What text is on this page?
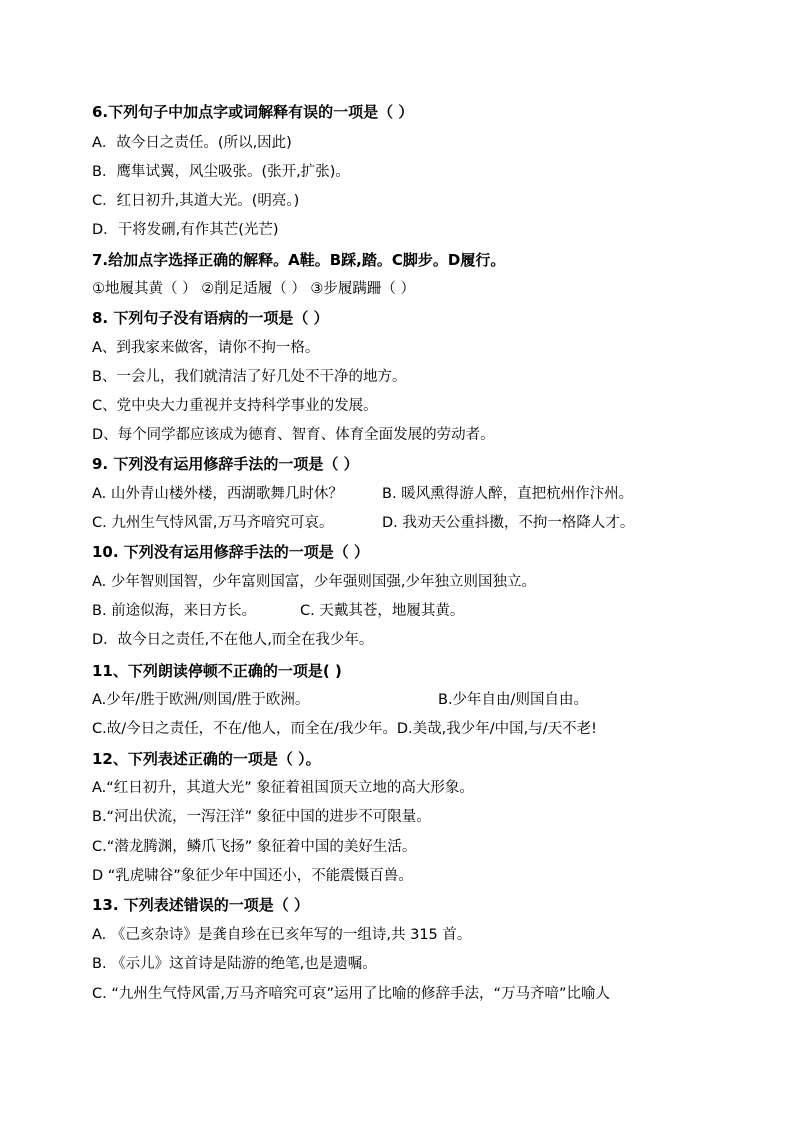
6.下列句子中加点字或词解释有误的一项是（ ）
A．故今日之责任。(所以,因此)
B．鹰隼试翼，风尘吸张。(张开,扩张)。
C．红日初升,其道大光。(明亮。)
D．干将发硎,有作其芒(光芒)
7.给加点字选择正确的解释。A鞋。B踩,踏。C脚步。D履行。
①地履其黄（ ） ②削足适履（ ） ③步履蹒跚（ ）
8. 下列句子没有语病的一项是（ ）
A、到我家来做客，请你不拘一格。
B、一会儿，我们就清洁了好几处不干净的地方。
C、党中央大力重视并支持科学事业的发展。
D、每个同学都应该成为德育、智育、体育全面发展的劳动者。
9. 下列没有运用修辞手法的一项是（ ）
A. 山外青山楼外楼，西湖歌舞几时休？	B. 暖风熏得游人醉，直把杭州作汴州。
C. 九州生气恃风雷,万马齐喑究可哀。	D. 我劝天公重抖擞，不拘一格降人才。
10. 下列没有运用修辞手法的一项是（ ）
A. 少年智则国智，少年富则国富，少年强则国强,少年独立则国独立。
B. 前途似海，来日方长。	C. 天戴其苍，地履其黄。
D．故今日之责任,不在他人,而全在我少年。
11、下列朗读停顿不正确的一项是( )
A.少年/胜于欧洲/则国/胜于欧洲。	B.少年自由/则国自由。
C.故/今日之责任，不在/他人，而全在/我少年。D.美哉,我少年/中国,与/天不老!
12、下列表述正确的一项是（ ）。
A.“红日初升，其道大光” 象征着祖国顶天立地的高大形象。
B.“河出伏流，一泻汪洋” 象征中国的进步不可限量。
C.“潜龙腾渊，鳞爪飞扬” 象征着中国的美好生活。
D “乳虎啸谷”象征少年中国还小，不能震慑百兽。
13. 下列表述错误的一项是（ ）
A. 《己亥杂诗》是龚自珍在已亥年写的一组诗,共 315 首。
B. 《示儿》这首诗是陆游的绝笔,也是遗嘱。
C. “九州生气恃风雷,万马齐喑究可哀”运用了比喻的修辞手法，“万马齐喑”比喻人
